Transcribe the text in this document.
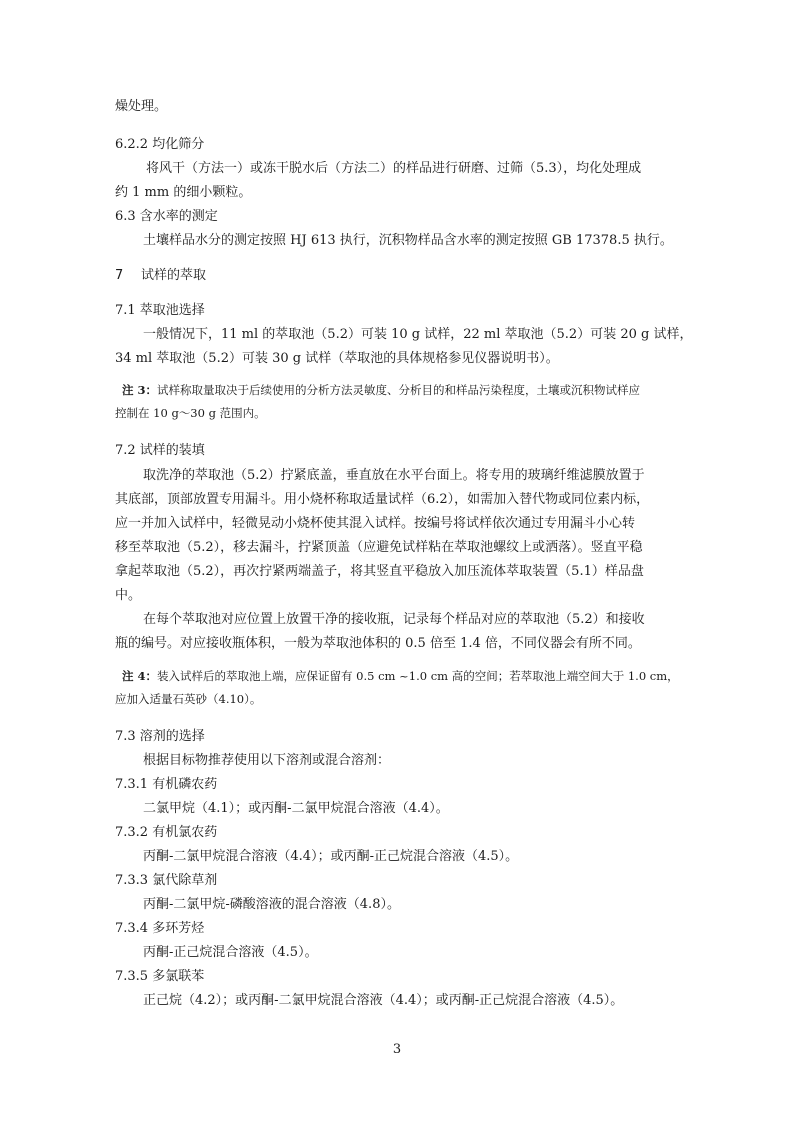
燥处理。
6.2.2 均化筛分
将风干（方法一）或冻干脱水后（方法二）的样品进行研磨、过筛（5.3），均化处理成
约 1 mm 的细小颗粒。
6.3 含水率的测定
土壤样品水分的测定按照 HJ 613 执行，沉积物样品含水率的测定按照 GB 17378.5 执行。
7 试样的萃取
7.1 萃取池选择
一般情况下，11 ml 的萃取池（5.2）可装 10 g 试样，22 ml 萃取池（5.2）可装 20 g 试样，
34 ml 萃取池（5.2）可装 30 g 试样（萃取池的具体规格参见仪器说明书）。
注 3：试样称取量取决于后续使用的分析方法灵敏度、分析目的和样品污染程度，土壤或沉积物试样应
控制在 10 g～30 g 范围内。
7.2 试样的装填
取洗净的萃取池（5.2）拧紧底盖，垂直放在水平台面上。将专用的玻璃纤维滤膜放置于
其底部，顶部放置专用漏斗。用小烧杯称取适量试样（6.2），如需加入替代物或同位素内标，
应一并加入试样中，轻微晃动小烧杯使其混入试样。按编号将试样依次通过专用漏斗小心转
移至萃取池（5.2），移去漏斗，拧紧顶盖（应避免试样粘在萃取池螺纹上或洒落）。竖直平稳
拿起萃取池（5.2），再次拧紧两端盖子，将其竖直平稳放入加压流体萃取装置（5.1）样品盘
中。
在每个萃取池对应位置上放置干净的接收瓶，记录每个样品对应的萃取池（5.2）和接收
瓶的编号。对应接收瓶体积，一般为萃取池体积的 0.5 倍至 1.4 倍，不同仪器会有所不同。
注 4：装入试样后的萃取池上端，应保证留有 0.5 cm ~1.0 cm 高的空间；若萃取池上端空间大于 1.0 cm，
应加入适量石英砂（4.10）。
7.3 溶剂的选择
根据目标物推荐使用以下溶剂或混合溶剂：
7.3.1 有机磷农药
二氯甲烷（4.1）；或丙酮-二氯甲烷混合溶液（4.4）。
7.3.2 有机氯农药
丙酮-二氯甲烷混合溶液（4.4）；或丙酮-正己烷混合溶液（4.5）。
7.3.3 氯代除草剂
丙酮-二氯甲烷-磷酸溶液的混合溶液（4.8）。
7.3.4 多环芳烃
丙酮-正己烷混合溶液（4.5）。
7.3.5 多氯联苯
正己烷（4.2）；或丙酮-二氯甲烷混合溶液（4.4）；或丙酮-正己烷混合溶液（4.5）。
3
